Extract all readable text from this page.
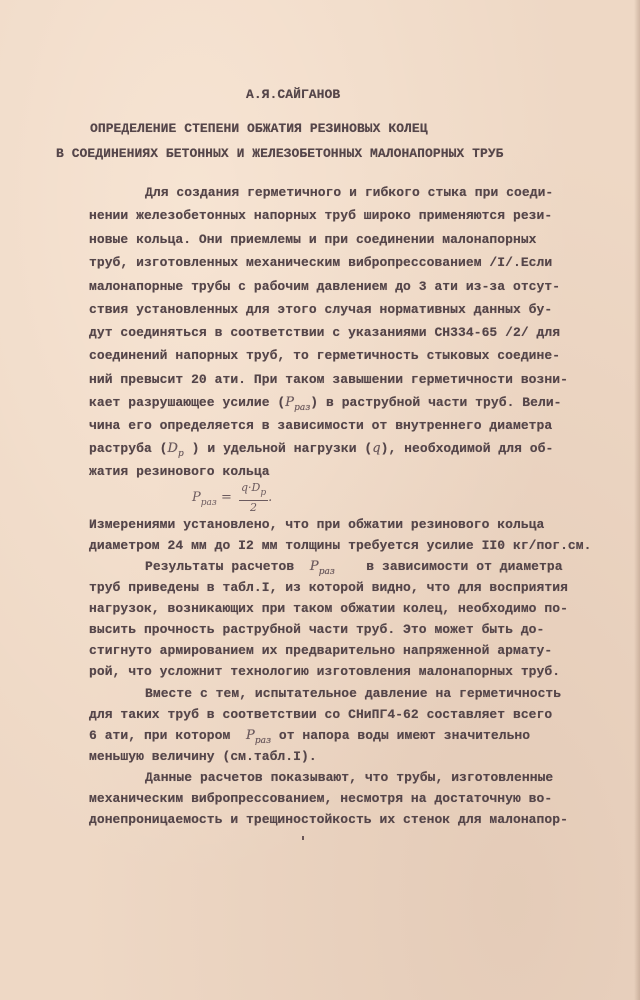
А.Я.САЙГАНОВ
ОПРЕДЕЛЕНИЕ СТЕПЕНИ ОБЖАТИЯ РЕЗИНОВЫХ КОЛЕЦ
В СОЕДИНЕНИЯХ БЕТОННЫХ И ЖЕЛЕЗОБЕТОННЫХ МАЛОНАПОРНЫХ ТРУБ
Для создания герметичного и гибкого стыка при соеди-
нении железобетонных напорных труб широко применяются рези-
новые кольца. Они приемлемы и при соединении малонапорных
труб, изготовленных механическим вибропрессованием /I/.Если
малонапорные трубы с рабочим давлением до 3 ати из-за отсут-
ствия установленных для этого случая нормативных данных бу-
дут соединяться в соответствии с указаниями СН334-65 /2/ для
соединений напорных труб, то герметичность стыковых соедине-
ний превысит 20 ати. При таком завышении герметичности возни-
кает разрушающее усилие $(P_{раз})$ в раструбной части труб. Вели-
чина его определяется в зависимости от внутреннего диаметра
раструба ($D_р$ ) и удельной нагрузки (q), необходимой для об-
жатия резинового кольца
Измерениями установлено, что при обжатии резинового кольца
диаметром 24 мм до I2 мм толщины требуется усилие II0 кг/пог.см.
Результаты расчетов  $P_{раз}$    в зависимости от диаметра
труб приведены в табл.I, из которой видно, что для восприятия
нагрузок, возникающих при таком обжатии колец, необходимо по-
высить прочность раструбной части труб. Это может быть до-
стигнуто армированием их предварительно напряженной армату-
рой, что усложнит технологию изготовления малонапорных труб.
Вместе с тем, испытательное давление на герметичность
для таких труб в соответствии со СНиПГ4-62 составляет всего
6 ати, при котором  $P_{раз}$ от напора воды имеют значительно
меньшую величину (см.табл.I).
Данные расчетов показывают, что трубы, изготовленные
механическим вибропрессованием, несмотря на достаточную во-
донепроницаемость и трещиностойкость их стенок для малонапор-
$P_{раз} = \frac{q\cdot D_р}{2}$ .
